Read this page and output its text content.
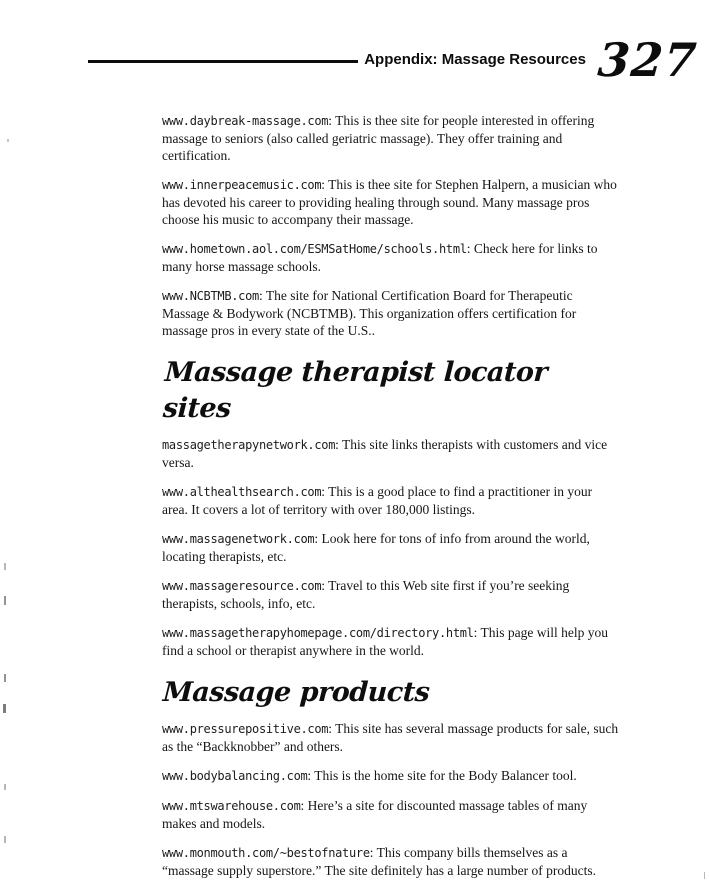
Appendix: Massage Resources 327

www.daybreak-massage.com: This is thee site for people interested in offering massage to seniors (also called geriatric massage). They offer training and certification.

www.innerpeacemusic.com: This is thee site for Stephen Halpern, a musician who has devoted his career to providing healing through sound. Many massage pros choose his music to accompany their massage.

www.hometown.aol.com/ESMSatHome/schools.html: Check here for links to many horse massage schools.

www.NCBTMB.com: The site for National Certification Board for Therapeutic Massage & Bodywork (NCBTMB). This organization offers certification for massage pros in every state of the U.S..

Massage therapist locator sites

massagetherapynetwork.com: This site links therapists with customers and vice versa.

www.althealthsearch.com: This is a good place to find a practitioner in your area. It covers a lot of territory with over 180,000 listings.

www.massagenetwork.com: Look here for tons of info from around the world, locating therapists, etc.

www.massageresource.com: Travel to this Web site first if you’re seeking therapists, schools, info, etc.

www.massagetherapyhomepage.com/directory.html: This page will help you find a school or therapist anywhere in the world.

Massage products

www.pressurepositive.com: This site has several massage products for sale, such as the “Backknobber” and others.

www.bodybalancing.com: This is the home site for the Body Balancer tool.

www.mtswarehouse.com: Here’s a site for discounted massage tables of many makes and models.

www.monmouth.com/~bestofnature: This company bills themselves as a “massage supply superstore.” The site definitely has a large number of products.
